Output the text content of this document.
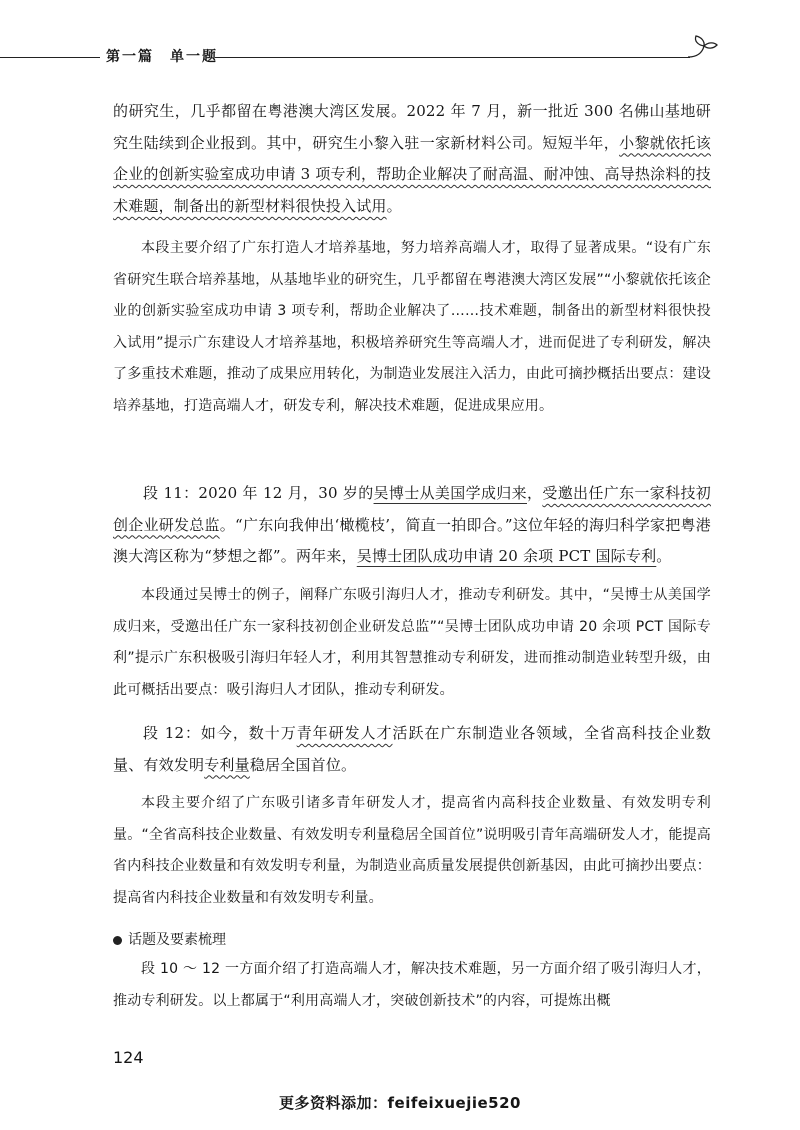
第一篇　单一题

的研究生，几乎都留在粤港澳大湾区发展。2022 年 7 月，新一批近 300 名佛山基地研究生陆续到企业报到。其中，研究生小黎入驻一家新材料公司。短短半年，小黎就依托该企业的创新实验室成功申请 3 项专利，帮助企业解决了耐高温、耐冲蚀、高导热涂料的技术难题，制备出的新型材料很快投入试用。

本段主要介绍了广东打造人才培养基地，努力培养高端人才，取得了显著成果。“设有广东省研究生联合培养基地，从基地毕业的研究生，几乎都留在粤港澳大湾区发展”“小黎就依托该企业的创新实验室成功申请 3 项专利，帮助企业解决了……技术难题，制备出的新型材料很快投入试用”提示广东建设人才培养基地，积极培养研究生等高端人才，进而促进了专利研发，解决了多重技术难题，推动了成果应用转化，为制造业发展注入活力，由此可摘抄概括出要点：建设培养基地，打造高端人才，研发专利，解决技术难题，促进成果应用。

段 11：2020 年 12 月，30 岁的吴博士从美国学成归来，受邀出任广东一家科技初创企业研发总监。“广东向我伸出‘橄榄枝’，简直一拍即合。”这位年轻的海归科学家把粤港澳大湾区称为“梦想之都”。两年来，吴博士团队成功申请 20 余项 PCT 国际专利。

本段通过吴博士的例子，阐释广东吸引海归人才，推动专利研发。其中，“吴博士从美国学成归来，受邀出任广东一家科技初创企业研发总监”“吴博士团队成功申请 20 余项 PCT 国际专利”提示广东积极吸引海归年轻人才，利用其智慧推动专利研发，进而推动制造业转型升级，由此可概括出要点：吸引海归人才团队，推动专利研发。

段 12：如今，数十万青年研发人才活跃在广东制造业各领域，全省高科技企业数量、有效发明专利量稳居全国首位。

本段主要介绍了广东吸引诸多青年研发人才，提高省内高科技企业数量、有效发明专利量。“全省高科技企业数量、有效发明专利量稳居全国首位”说明吸引青年高端研发人才，能提高省内科技企业数量和有效发明专利量，为制造业高质量发展提供创新基因，由此可摘抄出要点：提高省内科技企业数量和有效发明专利量。

话题及要素梳理

段 10 ～ 12 一方面介绍了打造高端人才，解决技术难题，另一方面介绍了吸引海归人才，推动专利研发。以上都属于“利用高端人才，突破创新技术”的内容，可提炼出概

124
更多资料添加：feifeixuejie520
